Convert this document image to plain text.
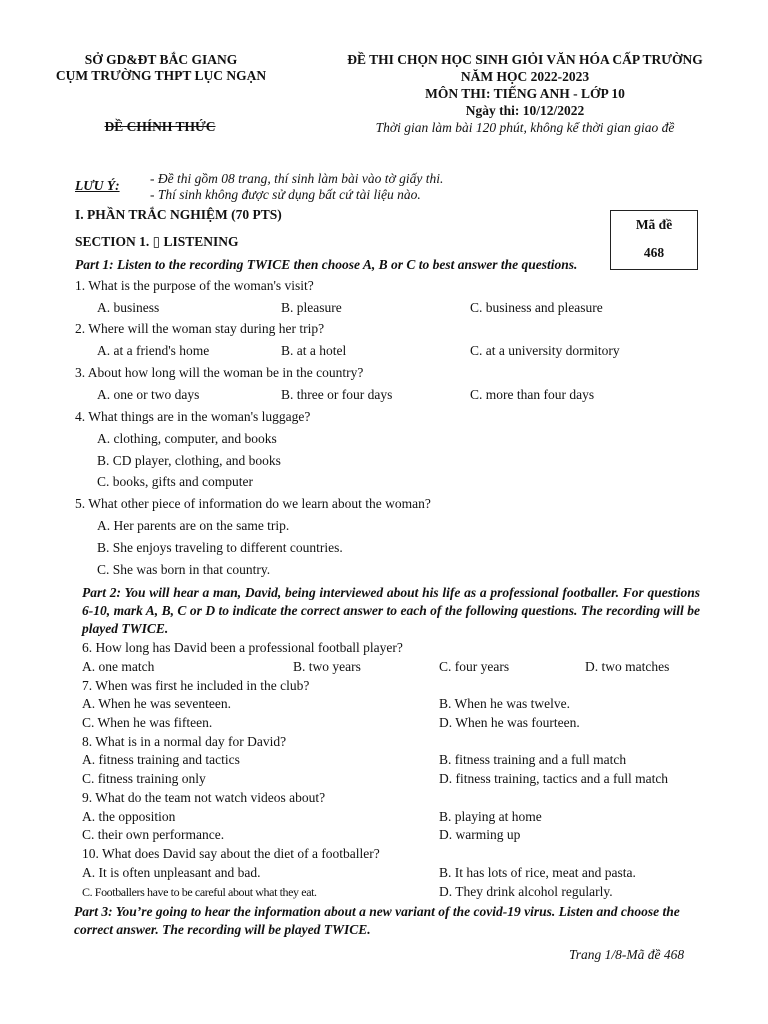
SỞ GD&ĐT BẮC GIANG
CỤM TRƯỜNG THPT LỤC NGẠN
ĐỀ CHÍNH THỨC
ĐỀ THI CHỌN HỌC SINH GIỎI VĂN HÓA CẤP TRƯỜNG
NĂM HỌC 2022-2023
MÔN THI: TIẾNG ANH - LỚP 10
Ngày thi: 10/12/2022
Thời gian làm bài 120 phút, không kể thời gian giao đề
LƯU Ý: - Đề thi gồm 08 trang, thí sinh làm bài vào tờ giấy thi.
- Thí sinh không được sử dụng bất cứ tài liệu nào.
Mã đề
468
I. PHẦN TRẮC NGHIỆM (70 PTS)
SECTION 1. ▯ LISTENING
Part 1: Listen to the recording TWICE then choose A, B or C to best answer the questions.
1. What is the purpose of the woman's visit?
A. business	B. pleasure	C. business and pleasure
2. Where will the woman stay during her trip?
A. at a friend's home	B. at a hotel	C. at a university dormitory
3. About how long will the woman be in the country?
A. one or two days	B. three or four days	C. more than four days
4. What things are in the woman's luggage?
A. clothing, computer, and books
B. CD player, clothing, and books
C. books, gifts and computer
5. What other piece of information do we learn about the woman?
A. Her parents are on the same trip.
B. She enjoys traveling to different countries.
C. She was born in that country.
Part 2: You will hear a man, David, being interviewed about his life as a professional footballer. For questions 6-10, mark A, B, C or D to indicate the correct answer to each of the following questions. The recording will be played TWICE.
6. How long has David been a professional football player?
A. one match	B. two years	C. four years	D. two matches
7. When was first he included in the club?
A. When he was seventeen.	B. When he was twelve.
C. When he was fifteen.	D. When he was fourteen.
8. What is in a normal day for David?
A. fitness training and tactics	B. fitness training and a full match
C. fitness training only	D. fitness training, tactics and a full match
9. What do the team not watch videos about?
A. the opposition	B. playing at home
C. their own performance.	D. warming up
10. What does David say about the diet of a footballer?
A. It is often unpleasant and bad.	B. It has lots of rice, meat and pasta.
C. Footballers have to be careful about what they eat.	D. They drink alcohol regularly.
Part 3: You’re going to hear the information about a new variant of the covid-19 virus. Listen and choose the correct answer. The recording will be played TWICE.
Trang 1/8-Mã đề 468
